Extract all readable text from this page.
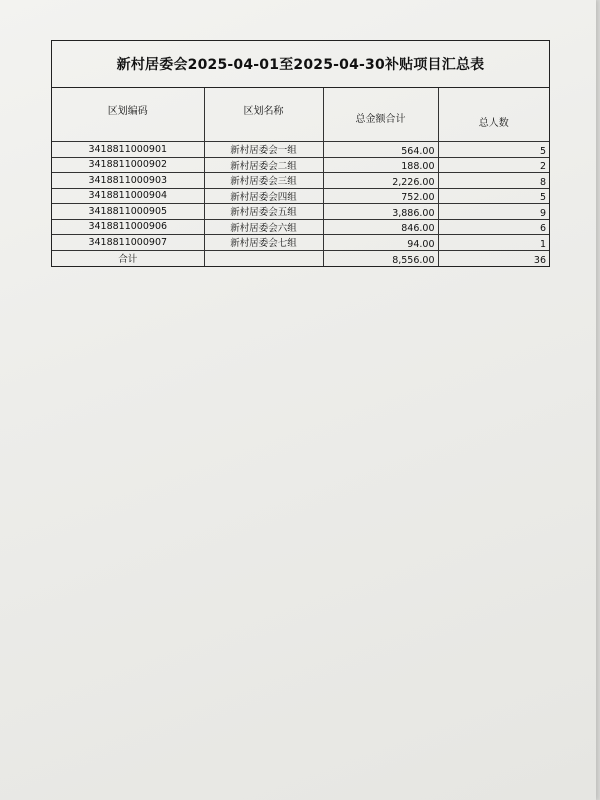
新村居委会2025-04-01至2025-04-30补贴项目汇总表
区划编码	区划名称	总金额合计	总人数
3418811000901	新村居委会一组	564.00	5
3418811000902	新村居委会二组	188.00	2
3418811000903	新村居委会三组	2,226.00	8
3418811000904	新村居委会四组	752.00	5
3418811000905	新村居委会五组	3,886.00	9
3418811000906	新村居委会六组	846.00	6
3418811000907	新村居委会七组	94.00	1
合计		8,556.00	36
